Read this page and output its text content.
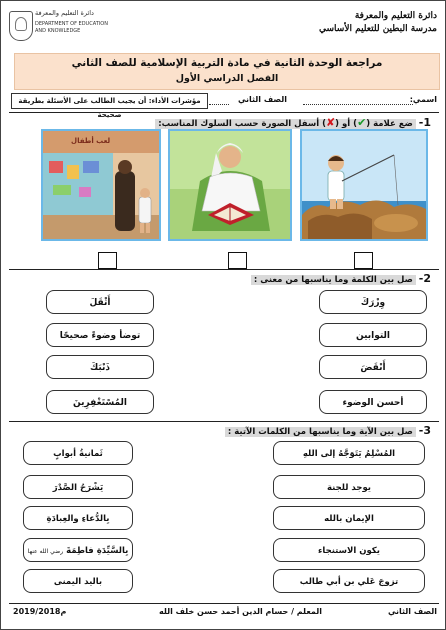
دائرة التعليم والمعرفة
DEPARTMENT OF EDUCATION
AND KNOWLEDGE
دائرة التعليم والمعرفة
مدرسة البطين للتعليم الأساسي
مراجعة الوحدة الثانية في مادة التربية الإسلامية للصف الثاني
الفصل الدراسي الأول
اسمي:
الصف الثاني
مؤشرات الأداء: أن يجيب الطالب على الأسئلة بطريقة صحيحة
1- ضع علامة (✔) أو (✘) أسفل الصورة حسب السلوك المناسب:
لعب أطفال
2- صل بين الكلمة وما يناسبها من معنى :
وِزْرَكَ
التوابين
أَنْقَضَ
أحسن الوضوء
أَثْقَلَ
توضأ وضوءً صحيحًا
ذَنْبَكَ
المُسْتَغْفِرِينَ
3- صل بين الآية وما يناسبها من الكلمات الآتية :
المُسْلِمُ يَتَوَجَّهُ إلى اللهِ
يوجد للجنة
الإيمان بالله
يكون الاستنجاء
تزوجَ عَلي بن أبي طالب
ثَمانيةُ أبوابٍ
يَشْرَحُ الصَّدْرَ
بِالدُّعاءِ والعِبادَةِ
بِالسَّيِّدَةِ فاطِمَةَ رضي الله عنها
باليد اليمنى
2019/2018م	المعلم / حسام الدين أحمد حسن خلف الله	الصف الثاني
